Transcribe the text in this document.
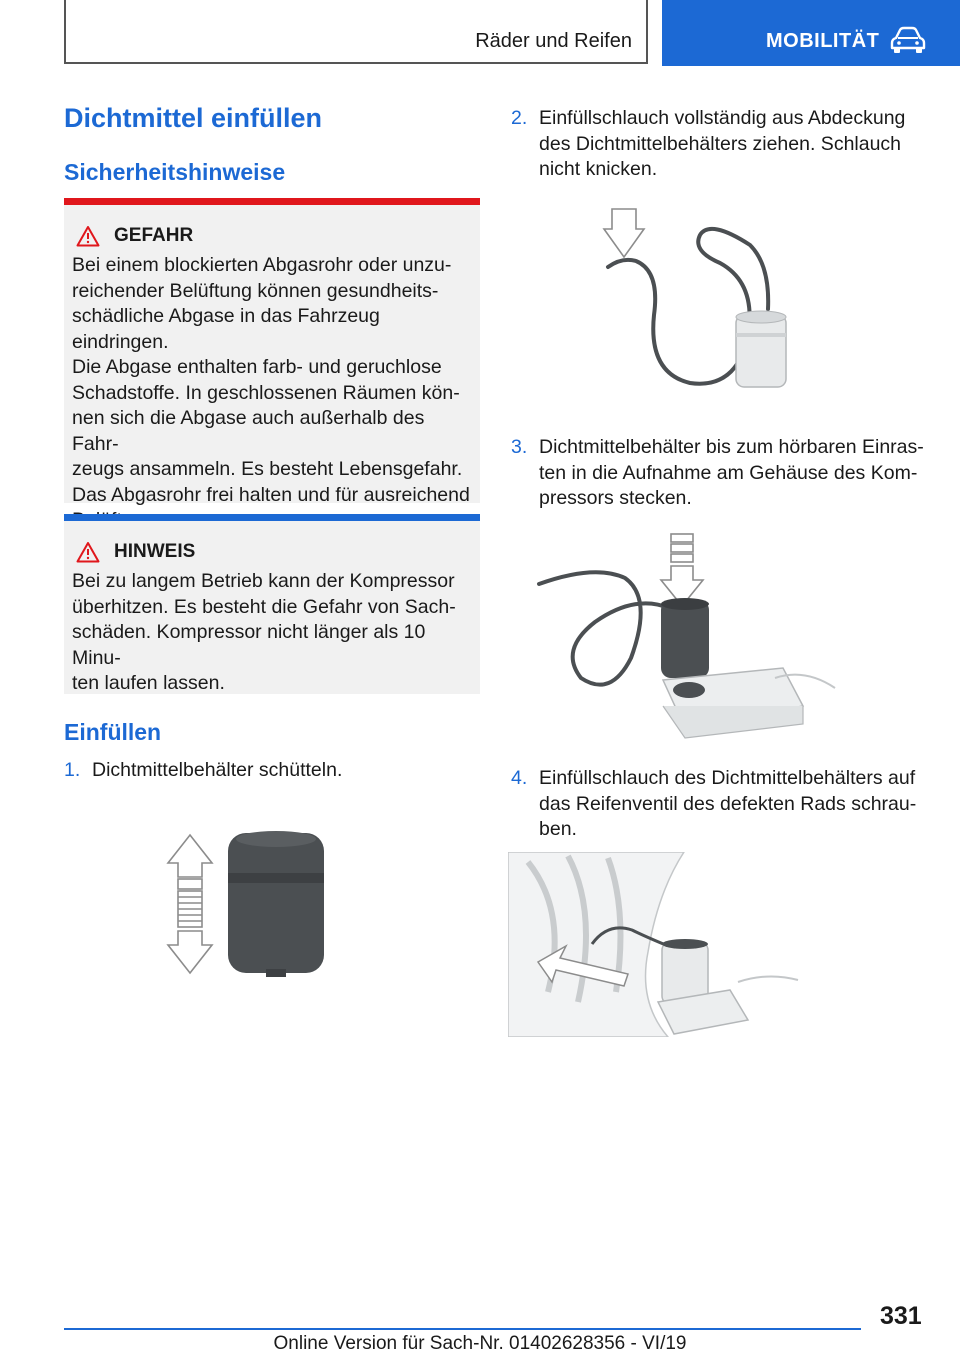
Räder und Reifen	MOBILITÄT
Dichtmittel einfüllen
Sicherheitshinweise
GEFAHR
Bei einem blockierten Abgasrohr oder unzu-
reichender Belüftung können gesundheits-
schädliche Abgase in das Fahrzeug eindringen.
Die Abgase enthalten farb- und geruchlose
Schadstoffe. In geschlossenen Räumen kön-
nen sich die Abgase auch außerhalb des Fahr-
zeugs ansammeln. Es besteht Lebensgefahr.
Das Abgasrohr frei halten und für ausreichend

HINWEIS
Bei zu langem Betrieb kann der Kompressor
überhitzen. Es besteht die Gefahr von Sach-
schäden. Kompressor nicht länger als 10 Minu-
ten laufen lassen.
Einfüllen
1. Dichtmittelbehälter schütteln.
2. Einfüllschlauch vollständig aus Abdeckung
des Dichtmittelbehälters ziehen. Schlauch
nicht knicken.
3. Dichtmittelbehälter bis zum hörbaren Einras-
ten in die Aufnahme am Gehäuse des Kom-
pressors stecken.
4. Einfüllschlauch des Dichtmittelbehälters auf
das Reifenventil des defekten Rads schrau-
ben.
331
Online Version für Sach-Nr. 01402628356 - VI/19
